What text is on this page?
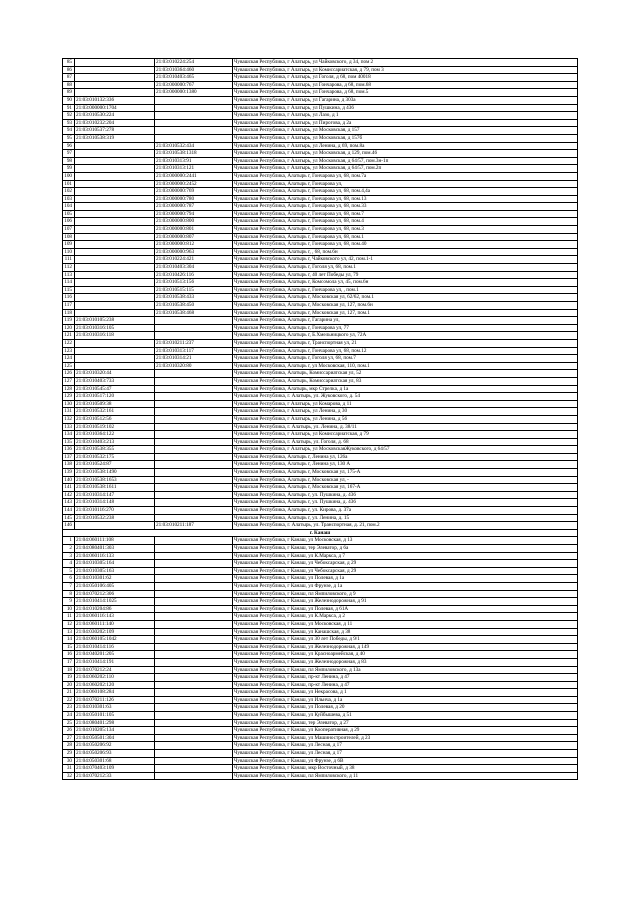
85		21:03:010224:254	Чувашская Республика, г Алатырь, ул Чайковского, д 34, пом 2
86		21:03:010364:460	Чувашская Республика, г Алатырь, ул Комиссариатская, д 79, пом 3
87		21:03:010403:465	Чувашская Республика, г Алатырь, ул Гоголя, д 68, пом 40018
88		21:03:000000:767	Чувашская Республика, г Алатырь, ул Гончарова, д 68, пом.68
89		21:03:000000:1380	Чувашская Республика, г Алатырь, ул Гончарова, д 68, пом.5
90	21:03:010132:336		Чувашская Республика, г Алатырь, ул Гагарина, д 303а
91	21:03:000000:1704		Чувашская Республика, г Алатырь, ул Пушкина, д 436
92	21:03:010530:224		Чувашская Республика, г Алатырь, ул Лазо, д 1
93	21:03:010232:204		Чувашская Республика, г Алатырь, ул Пирогова, д 2а
94	21:03:010537:278		Чувашская Республика, г Алатырь, ул Московская, д 157
95	21:03:010538:319		Чувашская Республика, г Алатырь, ул Московская, д 157б
96		21:03:010532:434	Чувашская Республика, г Алатырь, ул Ленина, д 69, пом.8а
97		21:03:010538:1318	Чувашская Республика, г Алатырь, ул Московская, д 129, пом.46
98		21:03:010313:91	Чувашская Республика, г Алатырь, ул Московская, д 64/57, пом.3н-1п
99		21:03:010313:121	Чувашская Республика, г Алатырь, ул Московская, д 64/57, пом.2п
100		21:03:000000:2441	Чувашская Республика, Алатырь г, Гончарова ул, 68, пом.7а
101		21:03:000000:2452	Чувашская Республика, Алатырь г, Гончарова ул,
102		21:03:000000:769	Чувашская Республика, Алатырь г, Гончарова ул, 68, пом.4,4а
103		21:03:000000:780	Чувашская Республика, Алатырь г, Гончарова ул, 68, пом.13
104		21:03:000000:787	Чувашская Республика, Алатырь г, Гончарова ул, 68, пом.33
105		21:03:000000:794	Чувашская Республика, Алатырь г, Гончарова ул, 68, пом.7
106		21:03:000000:800	Чувашская Республика, Алатырь г, Гончарова ул, 68, пом.4
107		21:03:000000:801	Чувашская Республика, Алатырь г, Гончарова ул, 68, пом.3
108		21:03:000000:807	Чувашская Республика, Алатырь г, Гончарова ул, 68, пом.1
109		21:03:000000:812	Чувашская Республика, Алатырь г, Гончарова ул, 68, пом.40
110		21:03:000000:963	Чувашская Республика, Алатырь г, , 68, пом.6н
111		21:03:010224:421	Чувашская Республика, Алатырь г, Чайковского ул, 42, пом.1-1
112		21:03:010403:304	Чувашская Республика, Алатырь г, Гоголя ул, 68, пом.1
113		21:03:010426:116	Чувашская Республика, Алатырь г, 40 лет Победы ул, 79
114		21:03:010513:156	Чувашская Республика, Алатырь г, Комсомола ул, 45, пом.6н
115		21:03:010515:115	Чувашская Республика, Алатырь г, Гончарова ул, , пом.1
116		21:03:010538:433	Чувашская Республика, Алатырь г, Московская ул, 62/62, пом.1
117		21:03:010538:450	Чувашская Республика, Алатырь г, Московская ул, 127, пом.6н
118		21:03:010538:468	Чувашская Республика, Алатырь г, Московская ул, 127, пом.1
119	21:03:010105:238		Чувашская Республика, Алатырь г, Гагарина ул,
120	21:03:010316:105		Чувашская Республика, Алатырь г, Гончарова ул, 77
121	21:03:010316:118		Чувашская Республика, Алатырь г, Б.Хмельницкого ул, 72А
122		21:03:010211:237	Чувашская Республика, Алатырь г, Транспортная ул, 21
123		21:03:010313:117	Чувашская Республика, Алатырь г, Гончарова ул, 68, пом.12
124		21:03:010314:21	Чувашская Республика, Алатырь г, Гоголя ул, 68, пом.7
125		21:03:010320:80	Чувашская Республика, Алатырь г, ул Московская, 110, пом.1
126	21:03:010320:44		Чувашская Республика, Алатырь, Комиссариатская ул, 52
127	21:03:010403:733		Чувашская Республика, Алатырь, Комиссариатская ул, 83
128	21:03:010545:47		Чувашская Республика, Алатырь, мкр Стрелка, д 1а
129	21:03:010517:120		Чувашская Республика, г. Алатырь, ул. Жуковского, д. 54
130	21:03:010509:38		Чувашская Республика, г Алатырь, ул Комарова, д 11
131	21:03:010532:161		Чувашская Республика, г Алатырь, ул Ленина, д 30
132	21:03:010512:56		Чувашская Республика, г Алатырь, ул Ленина, д 56
133	21:03:010519:102		Чувашская Республика, г. Алатырь, ул. Ленина, д. 38/11
134	21:03:010364:122		Чувашская Республика, г Алатырь, ул Комиссариатская, д 79
135	21:03:010403:213		Чувашская Республика, г. Алатырь, ул. Гоголя, д. 68
136	21:03:010538:355		Чувашская Республика, г Алатырь, ул МосковскаяЖуковского, д 64/57
137	21:03:010532:175		Чувашская Республика, Алатырь г, Ленина ул, 126а
138	21:03:010524:87		Чувашская Республика, Алатырь г, Ленина ул, 130 А
139	21:03:010538:1490		Чувашская Республика, Алатырь г, Московская ул, 175-А
140	21:03:010538:1653		Чувашская Республика, Алатырь г, Московская ул, -
141	21:03:010538:1611		Чувашская Республика, Алатырь г, Московская ул, 167-А
142	21:03:010314:147		Чувашская Республика, Алатырь г, ул. Пушкина, д. 436
143	21:03:010314:148		Чувашская Республика, Алатырь г, ул. Пушкина, д. 436
144	21:03:010116:270		Чувашская Республика, Алатырь г, ул. Кирова, д. 37а
145	21:03:010532:238		Чувашская Республика, Алатырь г, ул. Ленина, д. 15
146		21:03:010211:187	Чувашская Республика, г. Алатырь, ул. Транспортная, д. 21, пом.2
г. Канаш			
1	21:04:060111:108		Чувашская Республика, г Канаш, ул Московская, д 13
2	21:04:080401:303		Чувашская Республика, г Канаш, тер Элеватор, д 6а
3	21:04:060116:133		Чувашская Республика, г Канаш, ул К.Маркса, д 7
4	21:04:010305:164		Чувашская Республика, г Канаш, ул Чебоксарская, д 29
5	21:04:010305:163		Чувашская Республика, г Канаш, ул Чебоксарская, д 29
6	21:04:010301:62		Чувашская Республика, г Канаш, ул Полевая, д 1а
7	21:04:050106:405		Чувашская Республика, г Канаш, ул Фрунзе, д 1а
8	21:04:070212:306		Чувашская Республика, г Канаш, пл Ямпиловского, д 9
9	21:04:010414:1025		Чувашская Республика, г Канаш, ул Железнодорожная, д 91
10	21:04:010204:86		Чувашская Республика, г Канаш, ул Полевая, д 61А
11	21:04:060116:143		Чувашская Республика, г Канаш, ул К.Маркса, д 2
12	21:04:060111:140		Чувашская Республика, г Канаш, ул Московская, д 11
13	21:04:030202:109		Чувашская Республика, г Канаш, ул Канашская, д 38
14	21:04:060105:1042		Чувашская Республика, г Канаш, ул 30 лет Победы, д 9/1
15	21:04:010414:116		Чувашская Республика, г Канаш, ул Железнодорожная, д 149
16	21:04:040201:205		Чувашская Республика, г Канаш, ул Красноармейская, д 40
17	21:04:010414:191		Чувашская Республика, г Канаш, ул Железнодорожная, д 83
18	21:04:070212:24		Чувашская Республика, г Канаш, пл Ямпиловского, д 13а
19	21:04:060202:110		Чувашская Республика, г Канаш, пр-кт Ленина, д 47
20	21:04:060202:120		Чувашская Республика, г Канаш, пр-кт Ленина, д 47
21	21:04:060108:284		Чувашская Республика, г Канаш, ул Некрасова, д 1
22	21:04:070211:126		Чувашская Республика, г Канаш, ул Ильича, д 1а
23	21:04:010301:63		Чувашская Республика, г Канаш, ул Полевая, д 20
24	21:04:050101:105		Чувашская Республика, г Канаш, ул Куйбышева, д 51
25	21:04:080401:298		Чувашская Республика, г Канаш, тер Элеватор, д 27
26	21:04:010205:134		Чувашская Республика, г Канаш, ул Кооперативная, д 29
27	21:04:050501:304		Чувашская Республика, г Канаш, ул Машиностроителей, д 23
28	21:04:050206:92		Чувашская Республика, г Канаш, ул Лесная, д 17
29	21:04:050206:93		Чувашская Республика, г Канаш, ул Лесная, д 17
30	21:04:050301:68		Чувашская Республика, г Канаш, ул Фрунзе, д 6В
31	21:04:070403:109		Чувашская Республика, г Канаш, мкр Восточный, д 38
32	21:04:070212:33		Чувашская Республика, г Канаш, пл Ямпиловского, д 11
